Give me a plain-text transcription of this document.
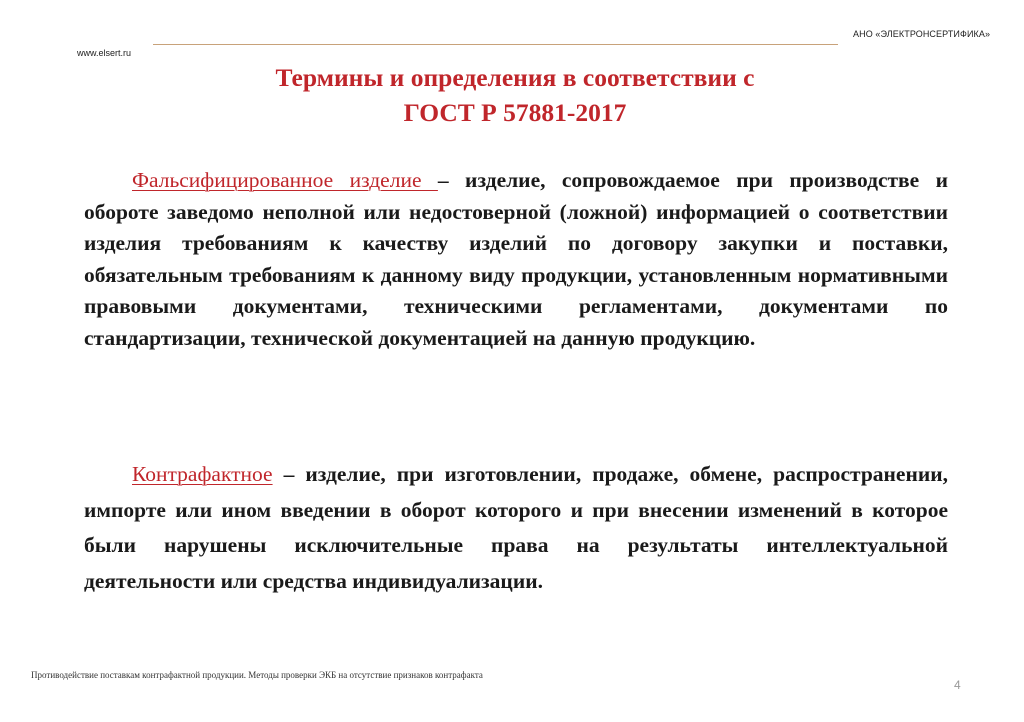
АНО «ЭЛЕКТРОНСЕРТИФИКА»
www.elsert.ru
Термины и определения в соответствии с
ГОСТ Р 57881-2017
Фальсифицированное изделие – изделие, сопровождаемое при производстве и обороте заведомо неполной или недостоверной (ложной) информацией о соответствии изделия требованиям к качеству изделий по договору закупки и поставки, обязательным требованиям к данному виду продукции, установленным нормативными правовыми документами, техническими регламентами, документами по стандартизации, технической документацией на данную продукцию.
Контрафактное – изделие, при изготовлении, продаже, обмене, распространении, импорте или ином введении в оборот которого и при внесении изменений в которое были нарушены исключительные права на результаты интеллектуальной деятельности или средства индивидуализации.
Противодействие поставкам контрафактной продукции. Методы проверки ЭКБ на отсутствие признаков контрафакта
4
